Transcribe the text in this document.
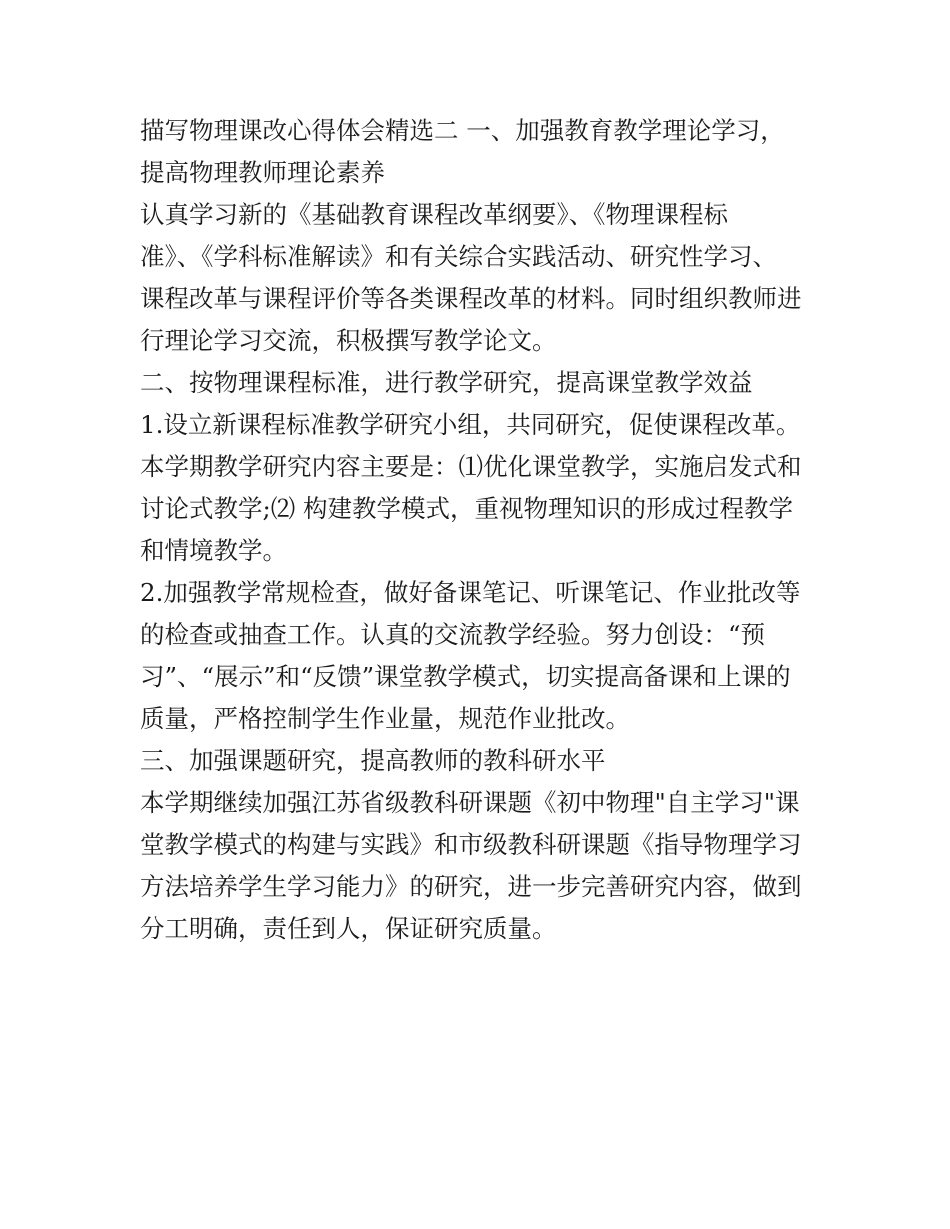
描写物理课改心得体会精选二 一、加强教育教学理论学习，
提高物理教师理论素养
认真学习新的《基础教育课程改革纲要》、《物理课程标
准》、《学科标准解读》和有关综合实践活动、研究性学习、
课程改革与课程评价等各类课程改革的材料。同时组织教师进
行理论学习交流，积极撰写教学论文。
二、按物理课程标准，进行教学研究，提高课堂教学效益
1.设立新课程标准教学研究小组，共同研究，促使课程改革。
本学期教学研究内容主要是：⑴优化课堂教学，实施启发式和
讨论式教学;⑵ 构建教学模式，重视物理知识的形成过程教学
和情境教学。
2.加强教学常规检查，做好备课笔记、听课笔记、作业批改等
的检查或抽查工作。认真的交流教学经验。努力创设：“预
习”、“展示”和“反馈”课堂教学模式，切实提高备课和上课的
质量，严格控制学生作业量，规范作业批改。
三、加强课题研究，提高教师的教科研水平
本学期继续加强江苏省级教科研课题《初中物理"自主学习"课
堂教学模式的构建与实践》和市级教科研课题《指导物理学习
方法培养学生学习能力》的研究，进一步完善研究内容，做到
分工明确，责任到人，保证研究质量。
